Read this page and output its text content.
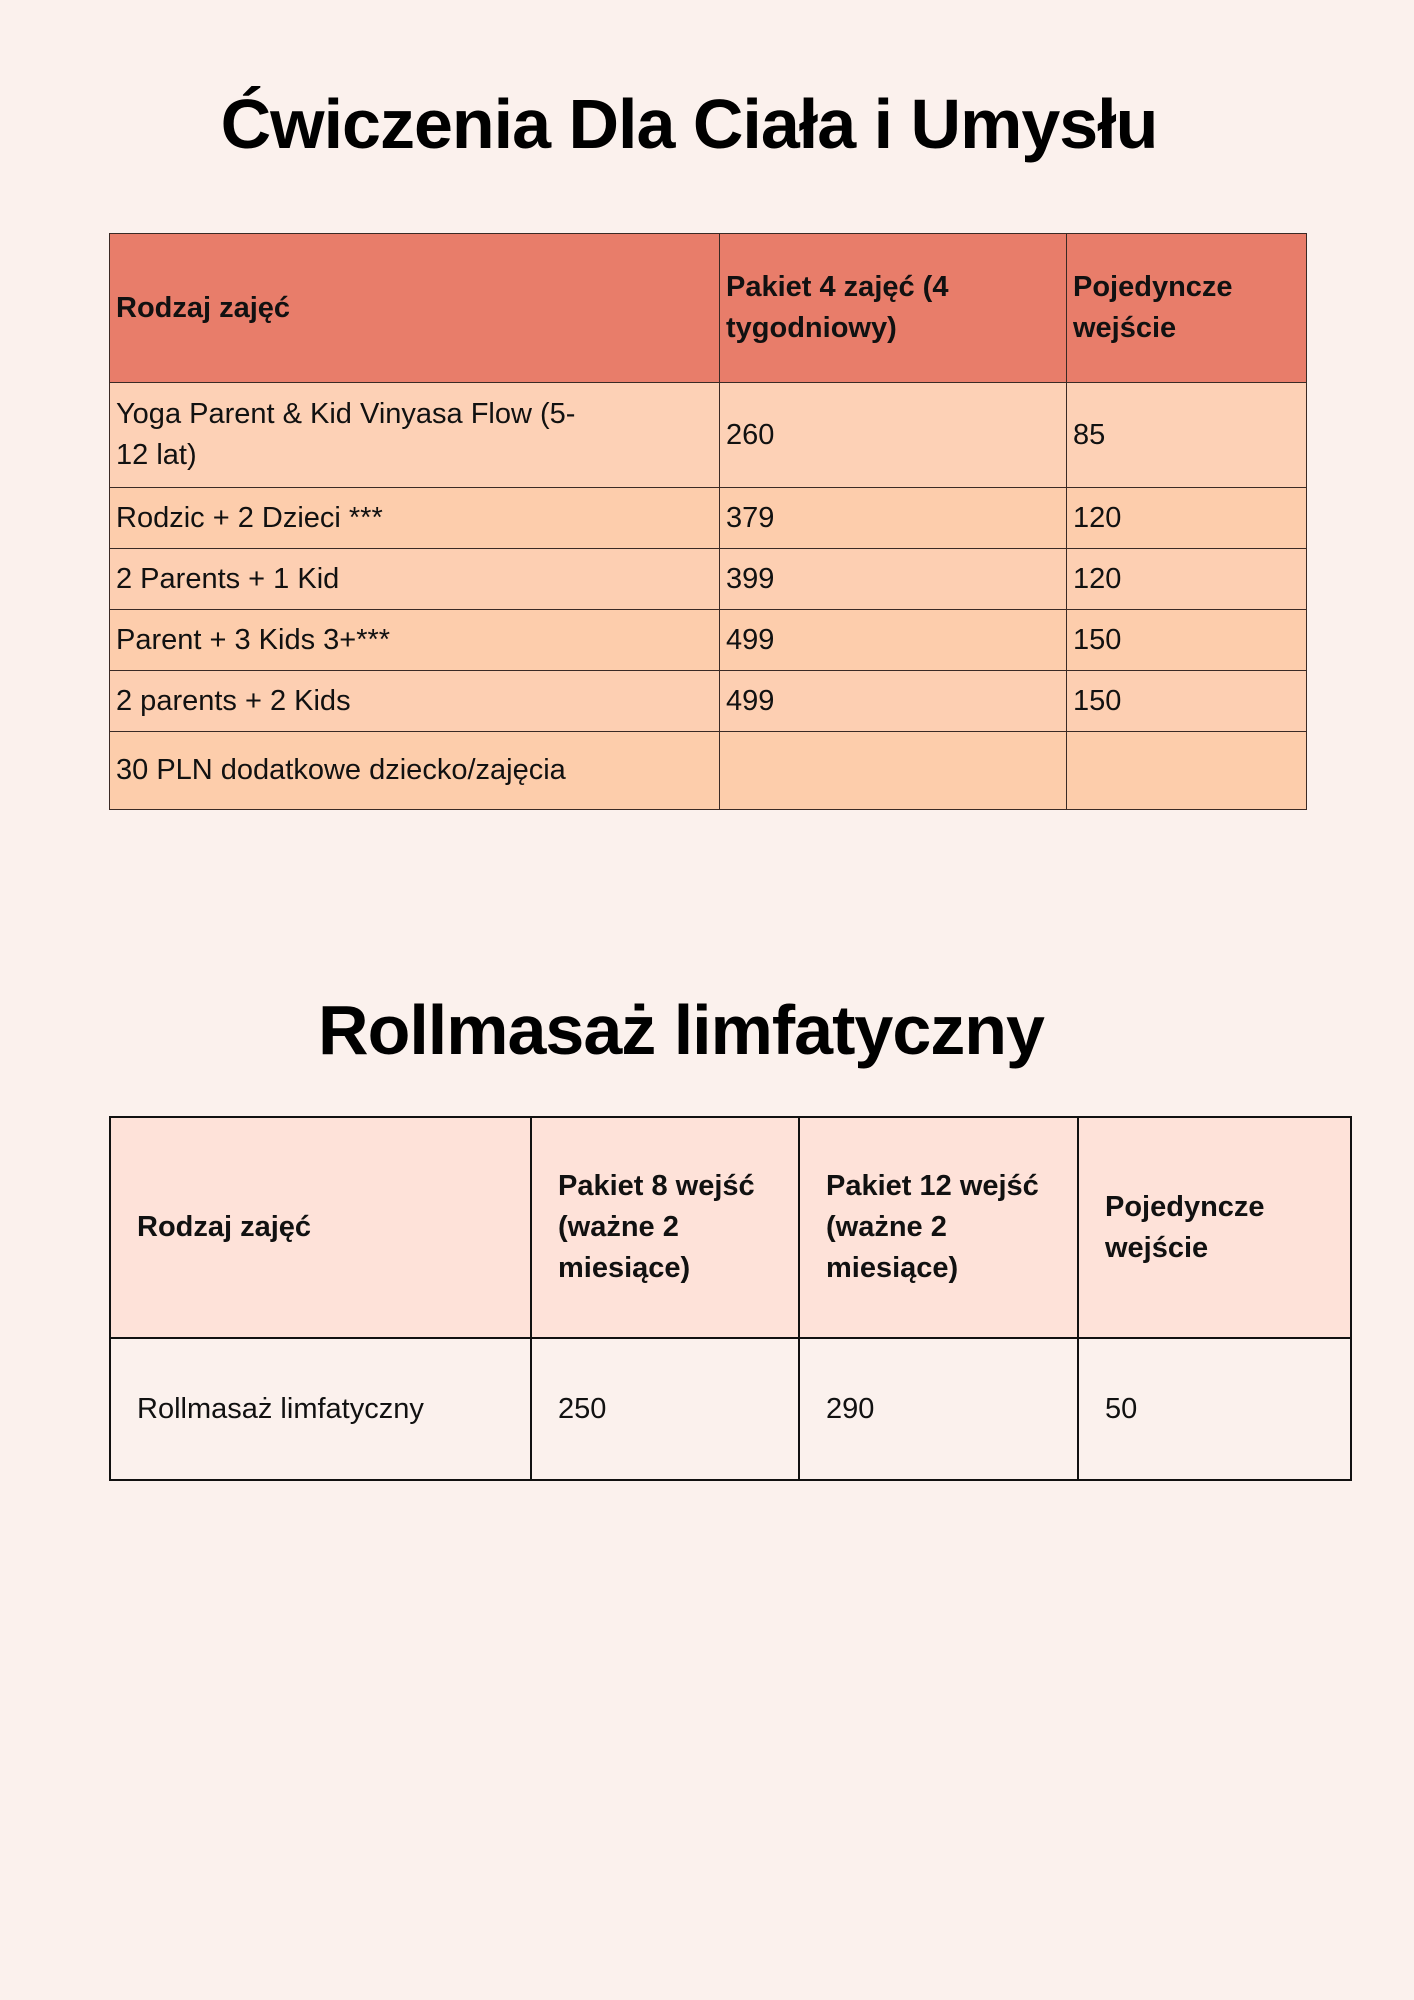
Ćwiczenia Dla Ciała i Umysłu
Rodzaj zajęć	Pakiet 4 zajęć (4 tygodniowy)	Pojedyncze wejście
Yoga Parent & Kid Vinyasa Flow (5-12 lat)	260	85
Rodzic + 2 Dzieci ***	379	120
2 Parents + 1 Kid	399	120
Parent + 3 Kids 3+***	499	150
2 parents + 2 Kids	499	150
30 PLN dodatkowe dziecko/zajęcia		
Rollmasaż limfatyczny
Rodzaj zajęć	Pakiet 8 wejść (ważne 2 miesiące)	Pakiet 12 wejść (ważne 2 miesiące)	Pojedyncze wejście
Rollmasaż limfatyczny	250	290	50
